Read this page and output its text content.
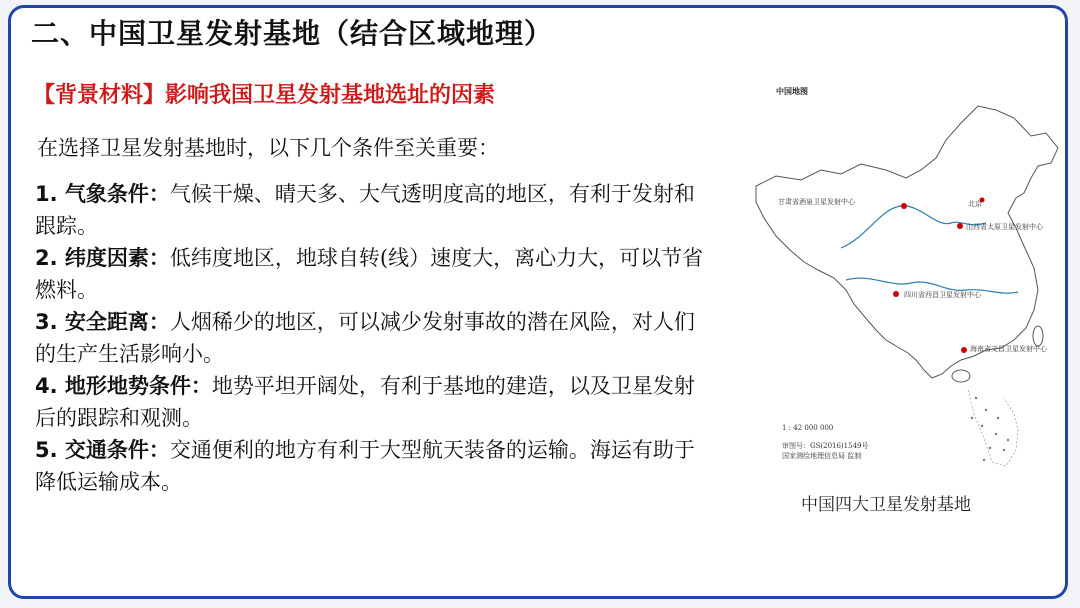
二、中国卫星发射基地（结合区域地理）
【背景材料】影响我国卫星发射基地选址的因素
在选择卫星发射基地时，以下几个条件至关重要：

1. 气象条件：气候干燥、晴天多、大气透明度高的地区，有利于发射和跟踪。

2. 纬度因素：低纬度地区，地球自转(线）速度大，离心力大，可以节省燃料。

3. 安全距离：人烟稀少的地区，可以减少发射事故的潜在风险，对人们的生产生活影响小。

4. 地形地势条件：地势平坦开阔处，有利于基地的建造，以及卫星发射后的跟踪和观测。

5. 交通条件：交通便利的地方有利于大型航天装备的运输。海运有助于降低运输成本。

中国地图
北京
甘肃省酒泉卫星发射中心
山西省太原卫星发射中心
四川省西昌卫星发射中心
海南省文昌卫星发射中心
1 : 42 000 000
审图号：GS(2016)1549号
国家测绘地理信息局 监制
中国四大卫星发射基地
